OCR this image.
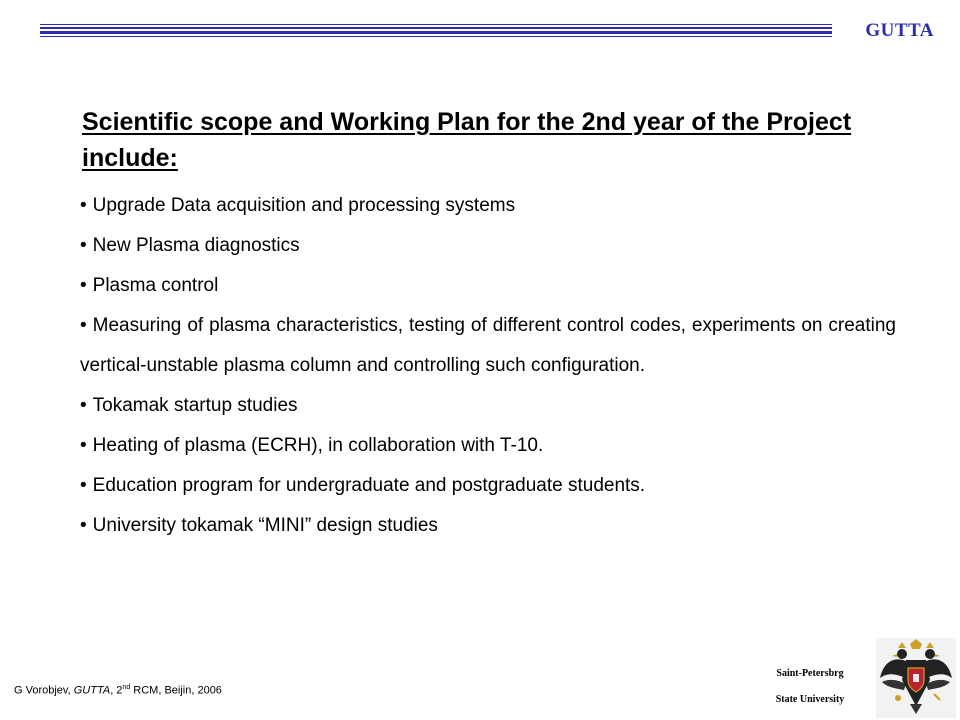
GUTTA
Scientific scope and Working Plan for the 2nd year of the Project include:
• Upgrade Data acquisition and processing systems
• New Plasma diagnostics
• Plasma control
• Measuring of plasma characteristics, testing of different control codes, experiments on creating vertical-unstable plasma column and controlling such configuration.
• Tokamak startup studies
• Heating of plasma (ECRH), in collaboration with T-10.
• Education program for undergraduate and postgraduate students.
• University tokamak “MINI” design studies
G Vorobjev, GUTTA, 2nd RCM, Beijin, 2006
Saint-Petersbrg
State University
